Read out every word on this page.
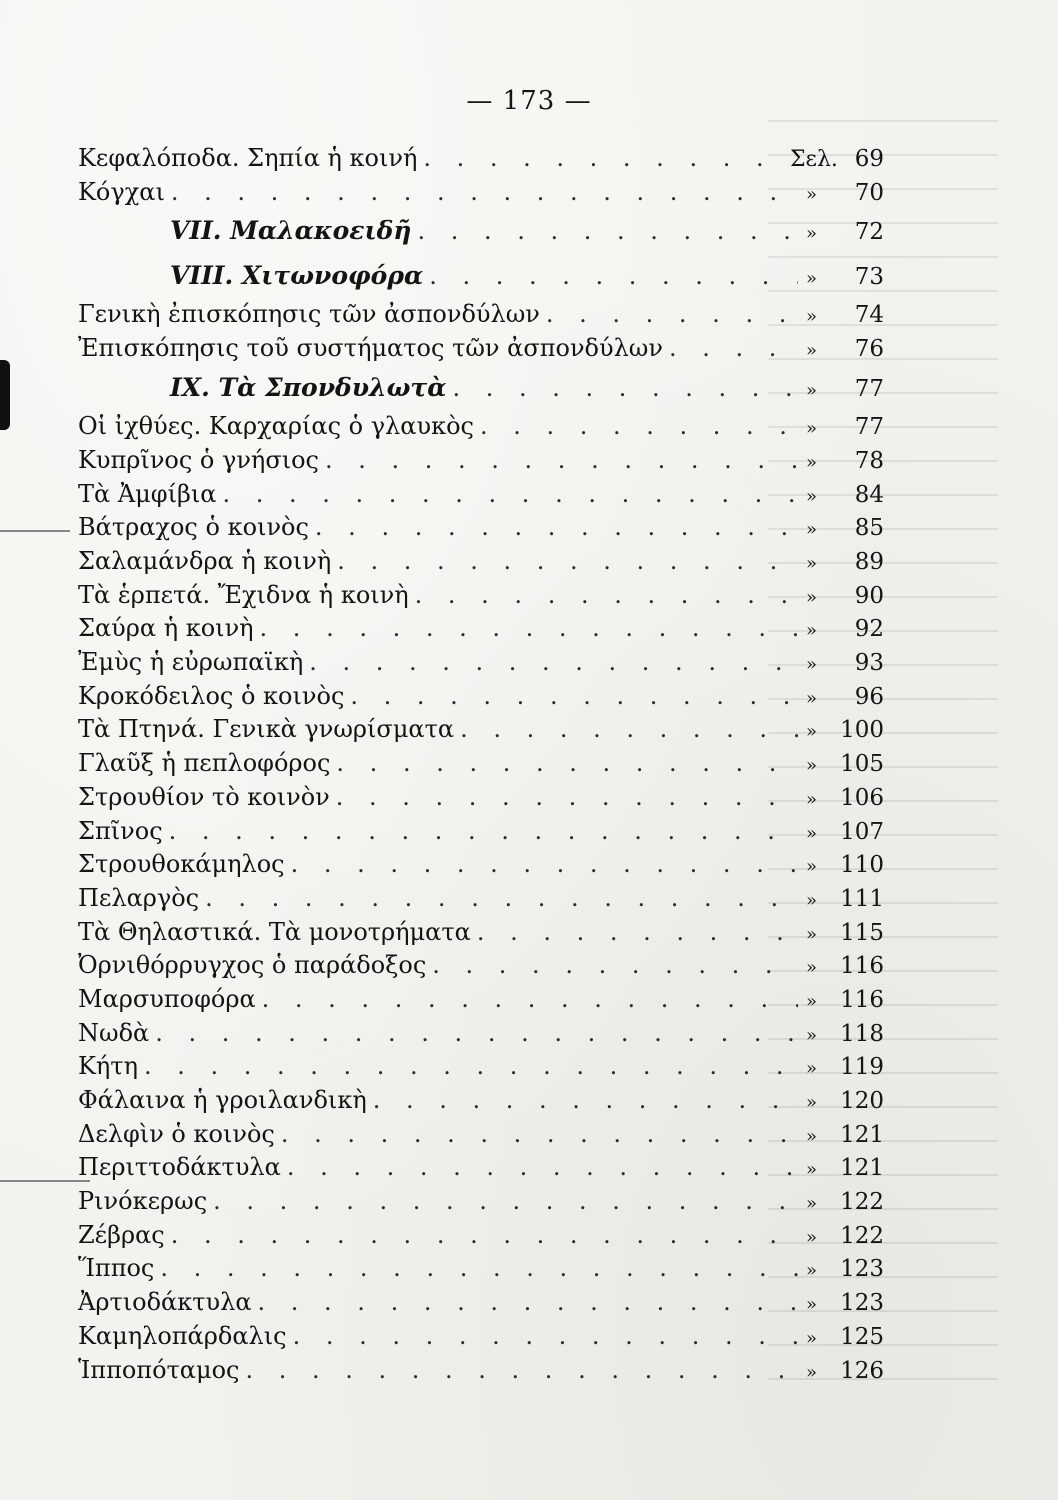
— 173 —
Κεφαλόποδα. Σηπία ἡ κοινή . . .	Σελ. 69
Κόγχαι . . .	»	70
VII. Μαλακοειδῆ . . .	»	72
VIII. Χιτωνοφόρα . . .	»	73
Γενικὴ ἐπισκόπησις τῶν ἀσπονδύλων . . .	»	74
Ἐπισκόπησις τοῦ συστήματος τῶν ἀσπονδύλων . . .	»	76
IX. Τὰ Σπονδυλωτὰ . . .	»	77
Οἱ ἰχθύες. Καρχαρίας ὁ γλαυκὸς . . .	»	77
Κυπρῖνος ὁ γνήσιος . . .	»	78
Τὰ Ἀμφίβια . . .	»	84
Βάτραχος ὁ κοινὸς . . .	»	85
Σαλαμάνδρα ἡ κοινὴ . . .	»	89
Τὰ ἑρπετά. Ἔχιδνα ἡ κοινὴ . . .	»	90
Σαύρα ἡ κοινὴ . . .	»	92
Ἐμὺς ἡ εὐρωπαϊκὴ . . .	»	93
Κροκόδειλος ὁ κοινὸς . . .	»	96
Τὰ Πτηνά. Γενικὰ γνωρίσματα . . .	»	100
Γλαῦξ ἡ πεπλοφόρος . . .	»	105
Στρουθίον τὸ κοινὸν . . .	»	106
Σπῖνος . . .	»	107
Στρουθοκάμηλος . . .	»	110
Πελαργὸς . . .	»	111
Τὰ Θηλαστικά. Τὰ μονοτρήματα . . .	»	115
Ὀρνιθόρρυγχος ὁ παράδοξος . . .	»	116
Μαρσυποφόρα . . .	»	116
Νωδὰ . . .	»	118
Κήτη . . .	»	119
Φάλαινα ἡ γροιλανδικὴ . . .	»	120
Δελφὶν ὁ κοινὸς . . .	»	121
Περιττοδάκτυλα . . .	»	121
Ρινόκερως . . .	»	122
Ζέβρας . . .	»	122
Ἵππος . . .	»	123
Ἀρτιοδάκτυλα . . .	»	123
Καμηλοπάρδαλις . . .	»	125
Ἱπποπόταμος . . .	»	126
